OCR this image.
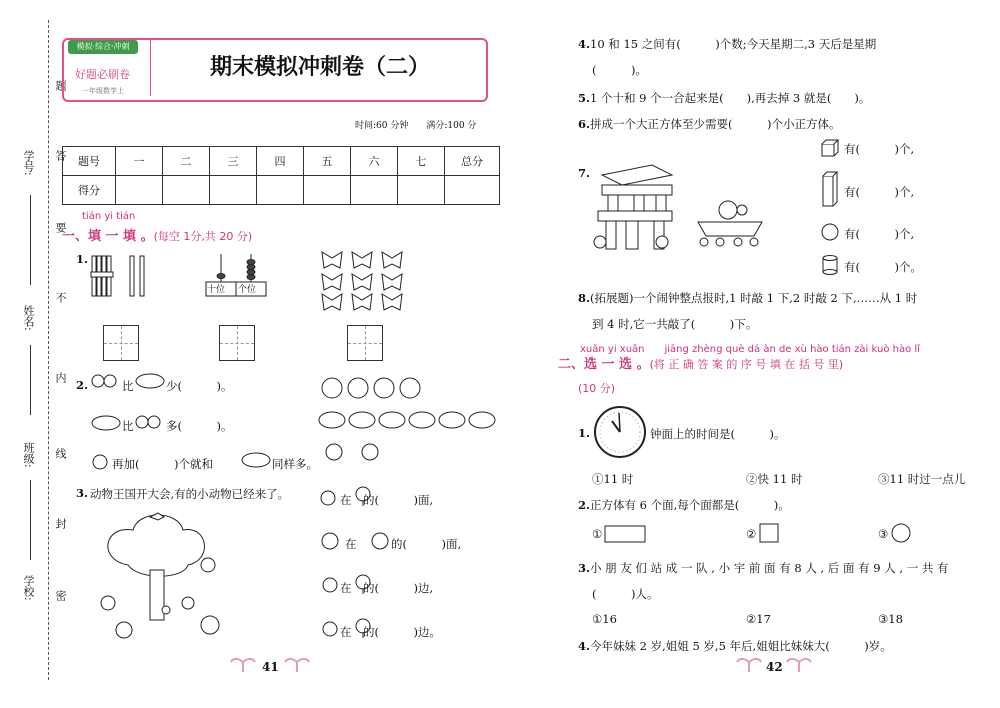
学号:
姓名:
班级:
学校:
题
答
要
不
内
线
封
密
模拟·综合·冲刺
好题必刷卷
一年级数学上
期末模拟冲刺卷（二）
时间:60 分钟　　满分:100 分
题号	一	二	三	四	五	六	七	总分
得分								
tián yi tián
一、填 一 填 。(每空 1分,共 20 分)
1.
十位 个位
2.	比	少(　　　)。
比	多(　　　)。
再加(　　　)个就和	同样多。
3. 动物王国开大会,有的小动物已经来了。	在　的(　　　)面,
在　　　的(　　　)面,
在　的(　　　)边,
在　的(　　　)边。
41
4.10 和 15 之间有(　　　)个数;今天星期二,3 天后是星期
(　　　)。
5.1 个十和 9 个一合起来是(　　),再去掉 3 就是(　　)。
6.拼成一个大正方体至少需要(　　　)个小正方体。
7.
有(　　　)个,
有(　　　)个,
有(　　　)个,
有(　　　)个。
8.(拓展题)一个闹钟整点报时,1 时敲 1 下,2 时敲 2 下,……从 1 时
到 4 时,它一共敲了(　　　)下。
xuǎn yi xuǎn　　jiāng zhèng què dá àn de xù hào tián zài kuò hào lǐ
二、选 一 选 。(将 正 确 答 案 的 序 号 填 在 括 号 里)
(10 分)
1.	钟面上的时间是(　　　)。
①11 时	②快 11 时	③11 时过一点儿
2.正方体有 6 个面,每个面都是(　　　)。
①	②	③
3.小 朋 友 们 站 成 一 队 , 小 宇 前 面 有 8 人 , 后 面 有 9 人 , 一 共 有
(　　　)人。
①16	②17	③18
4.今年妹妹 2 岁,姐姐 5 岁,5 年后,姐姐比妹妹大(　　　)岁。
42
